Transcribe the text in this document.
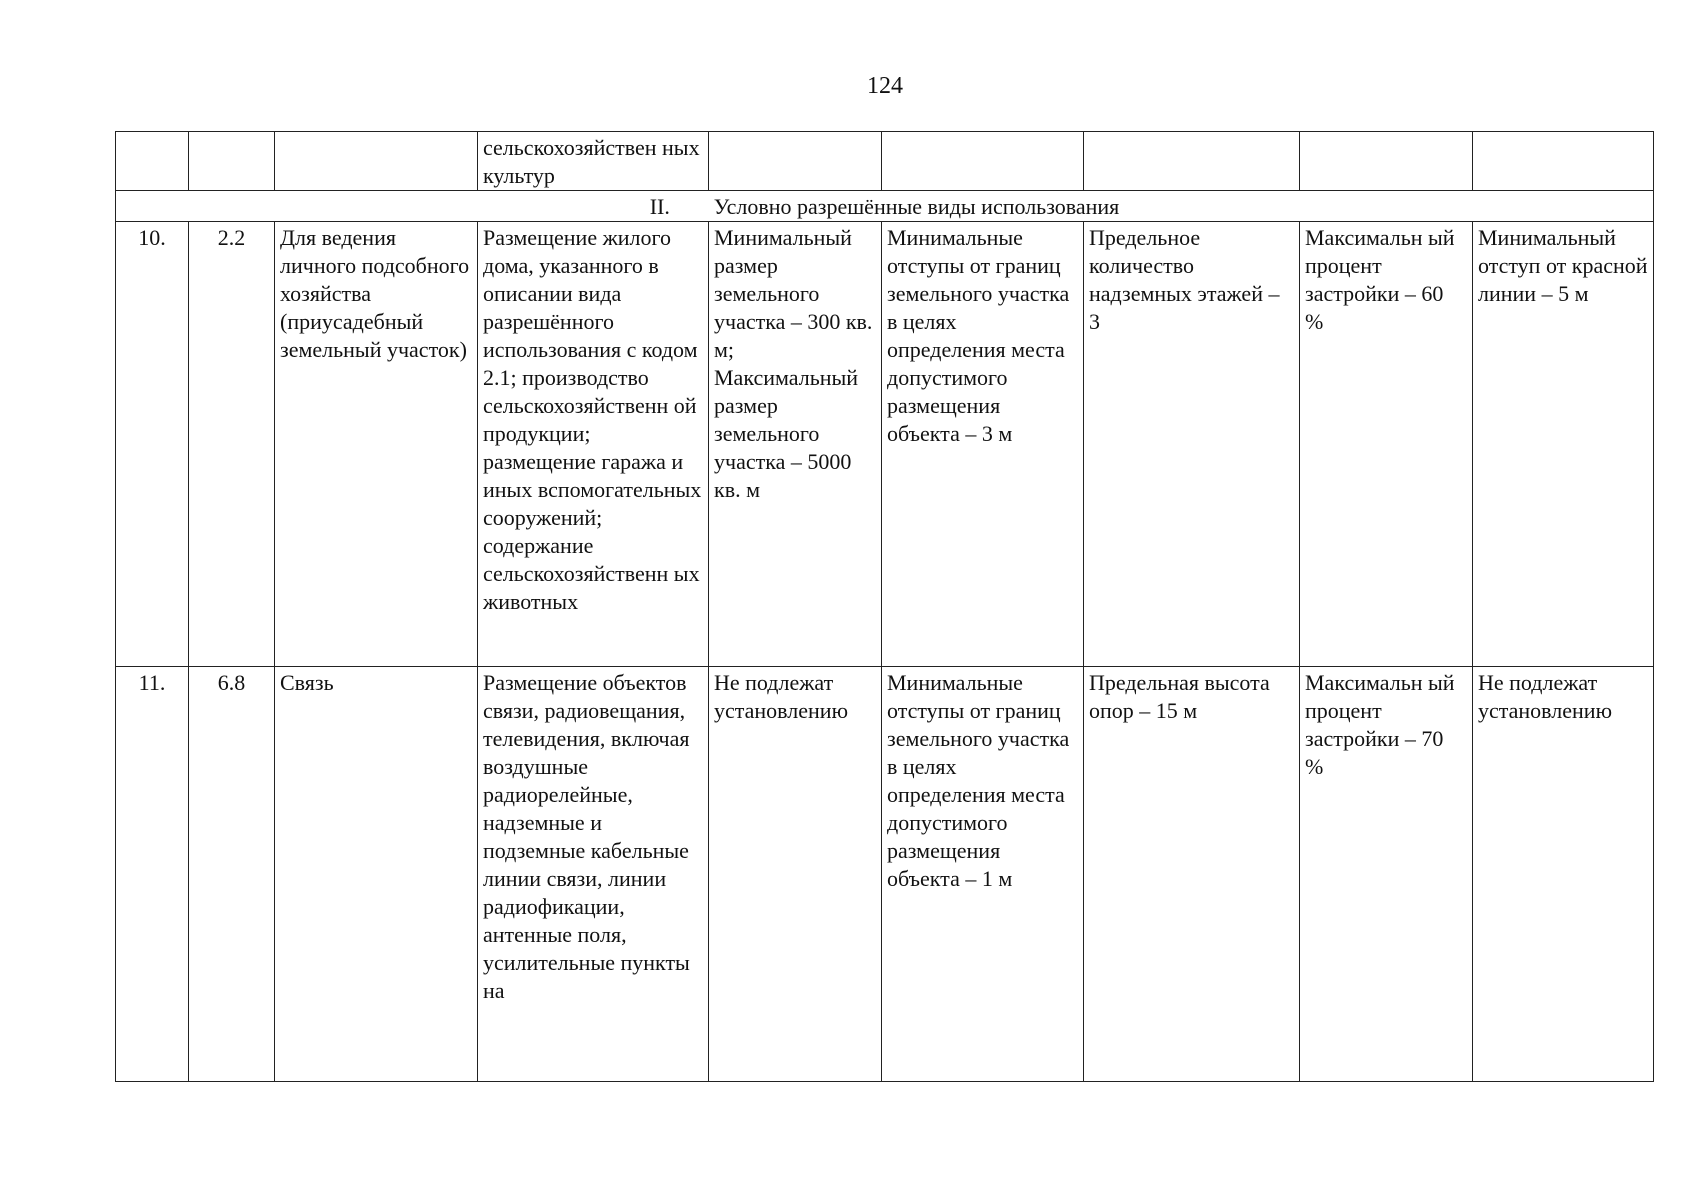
124
			сельскохозяйствен ных культур					
II. Условно разрешённые виды использования								
10.	2.2	Для ведения личного подсобного хозяйства (приусадебный земельный участок)	Размещение жилого дома, указанного в описании вида разрешённого использования с кодом 2.1; производство сельскохозяйственн ой продукции; размещение гаража и иных вспомогательных сооружений; содержание сельскохозяйственн ых животных	Минимальный размер земельного участка – 300 кв. м; Максимальный размер земельного участка – 5000 кв. м	Минимальные отступы от границ земельного участка в целях определения места допустимого размещения объекта – 3 м	Предельное количество надземных этажей – 3	Максимальн ый процент застройки – 60 %	Минимальный отступ от красной линии – 5 м
11.	6.8	Связь	Размещение объектов связи, радиовещания, телевидения, включая воздушные радиорелейные, надземные и подземные кабельные линии связи, линии радиофикации, антенные поля, усилительные пункты на	Не подлежат установлению	Минимальные отступы от границ земельного участка в целях определения места допустимого размещения объекта – 1 м	Предельная высота опор – 15 м	Максимальн ый процент застройки – 70 %	Не подлежат установлению
